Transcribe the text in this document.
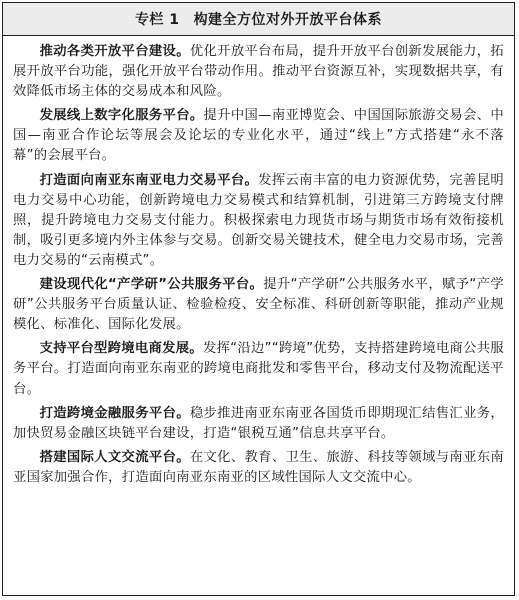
专栏 1 构建全方位对外开放平台体系

推动各类开放平台建设。优化开放平台布局，提升开放平台创新发展能力，拓展开放平台功能，强化开放平台带动作用。推动平台资源互补，实现数据共享，有效降低市场主体的交易成本和风险。

发展线上数字化服务平台。提升中国—南亚博览会、中国国际旅游交易会、中国—南亚合作论坛等展会及论坛的专业化水平，通过“线上”方式搭建“永不落幕”的会展平台。

打造面向南亚东南亚电力交易平台。发挥云南丰富的电力资源优势，完善昆明电力交易中心功能，创新跨境电力交易模式和结算机制，引进第三方跨境支付牌照，提升跨境电力交易支付能力。积极探索电力现货市场与期货市场有效衔接机制，吸引更多境内外主体参与交易。创新交易关键技术，健全电力交易市场，完善电力交易的“云南模式”。

建设现代化“产学研”公共服务平台。提升“产学研”公共服务水平，赋予“产学研”公共服务平台质量认证、检验检疫、安全标准、科研创新等职能，推动产业规模化、标准化、国际化发展。

支持平台型跨境电商发展。发挥“沿边”“跨境”优势，支持搭建跨境电商公共服务平台。打造面向南亚东南亚的跨境电商批发和零售平台，移动支付及物流配送平台。

打造跨境金融服务平台。稳步推进南亚东南亚各国货币即期现汇结售汇业务，加快贸易金融区块链平台建设，打造“银税互通”信息共享平台。

搭建国际人文交流平台。在文化、教育、卫生、旅游、科技等领域与南亚东南亚国家加强合作，打造面向南亚东南亚的区域性国际人文交流中心。
